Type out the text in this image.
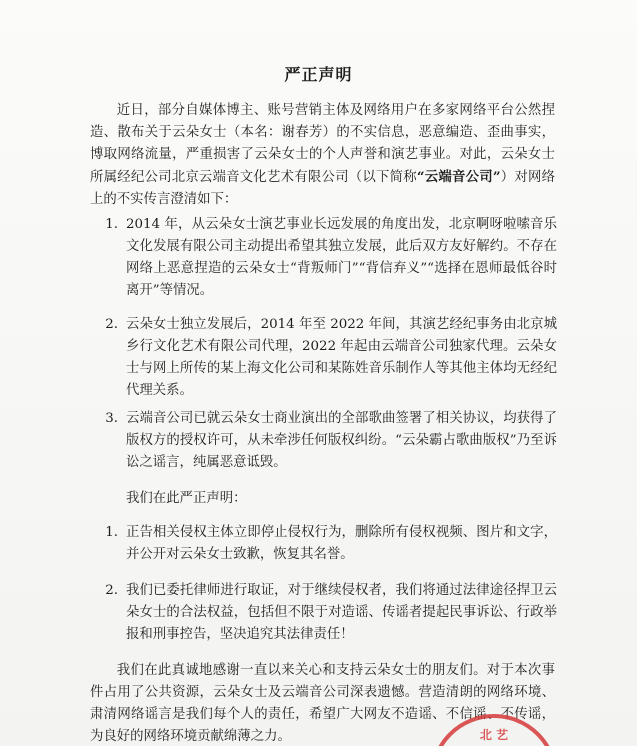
严正声明
近日，部分自媒体博主、账号营销主体及网络用户在多家网络平台公然捏造、散布关于云朵女士（本名：谢春芳）的不实信息，恶意编造、歪曲事实，博取网络流量，严重损害了云朵女士的个人声誉和演艺事业。对此，云朵女士所属经纪公司北京云端音文化艺术有限公司（以下简称“云端音公司”）对网络上的不实传言澄清如下：
1. 2014 年，从云朵女士演艺事业长远发展的角度出发，北京啊呀啦嗦音乐文化发展有限公司主动提出希望其独立发展，此后双方友好解约。不存在网络上恶意捏造的云朵女士“背叛师门”“背信弃义”“选择在恩师最低谷时离开”等情况。
2. 云朵女士独立发展后，2014 年至 2022 年间，其演艺经纪事务由北京城乡行文化艺术有限公司代理，2022 年起由云端音公司独家代理。云朵女士与网上所传的某上海文化公司和某陈姓音乐制作人等其他主体均无经纪代理关系。
3. 云端音公司已就云朵女士商业演出的全部歌曲签署了相关协议，均获得了版权方的授权许可，从未牵涉任何版权纠纷。“云朵霸占歌曲版权”乃至诉讼之谣言，纯属恶意诋毁。
我们在此严正声明：
1. 正告相关侵权主体立即停止侵权行为，删除所有侵权视频、图片和文字，并公开对云朵女士致歉，恢复其名誉。
2. 我们已委托律师进行取证，对于继续侵权者，我们将通过法律途径捍卫云朵女士的合法权益，包括但不限于对造谣、传谣者提起民事诉讼、行政举报和刑事控告，坚决追究其法律责任！
我们在此真诚地感谢一直以来关心和支持云朵女士的朋友们。对于本次事件占用了公共资源，云朵女士及云端音公司深表遗憾。营造清朗的网络环境、肃清网络谣言是我们每个人的责任，希望广大网友不造谣、不信谣、不传谣，为良好的网络环境贡献绵薄之力。	北 艺
